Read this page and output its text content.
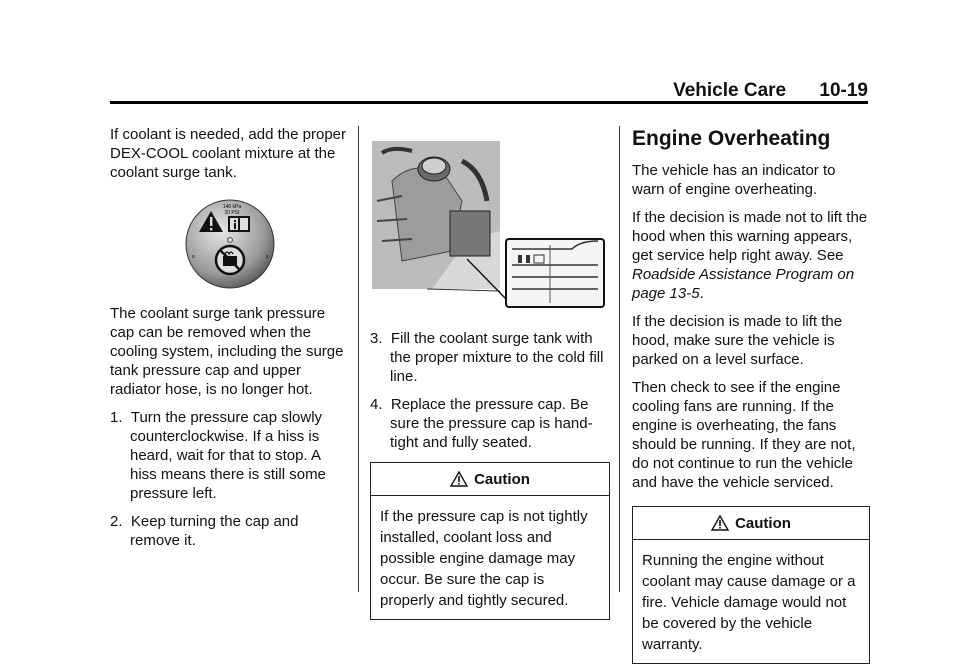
Vehicle Care 10-19

If coolant is needed, add the proper DEX-COOL coolant mixture at the coolant surge tank.

140 kPa
20 PSI
s	s

The coolant surge tank pressure cap can be removed when the cooling system, including the surge tank pressure cap and upper radiator hose, is no longer hot.

1. Turn the pressure cap slowly counterclockwise. If a hiss is heard, wait for that to stop. A hiss means there is still some pressure left.
2. Keep turning the cap and remove it.
3. Fill the coolant surge tank with the proper mixture to the cold fill line.
4. Replace the pressure cap. Be sure the pressure cap is hand-tight and fully seated.
Caution
If the pressure cap is not tightly installed, coolant loss and possible engine damage may occur. Be sure the cap is properly and tightly secured.
Engine Overheating

The vehicle has an indicator to warn of engine overheating.

If the decision is made not to lift the hood when this warning appears, get service help right away. See Roadside Assistance Program on page 13-5.

If the decision is made to lift the hood, make sure the vehicle is parked on a level surface.

Then check to see if the engine cooling fans are running. If the engine is overheating, the fans should be running. If they are not, do not continue to run the vehicle and have the vehicle serviced.

Caution
Running the engine without coolant may cause damage or a fire. Vehicle damage would not be covered by the vehicle warranty.
